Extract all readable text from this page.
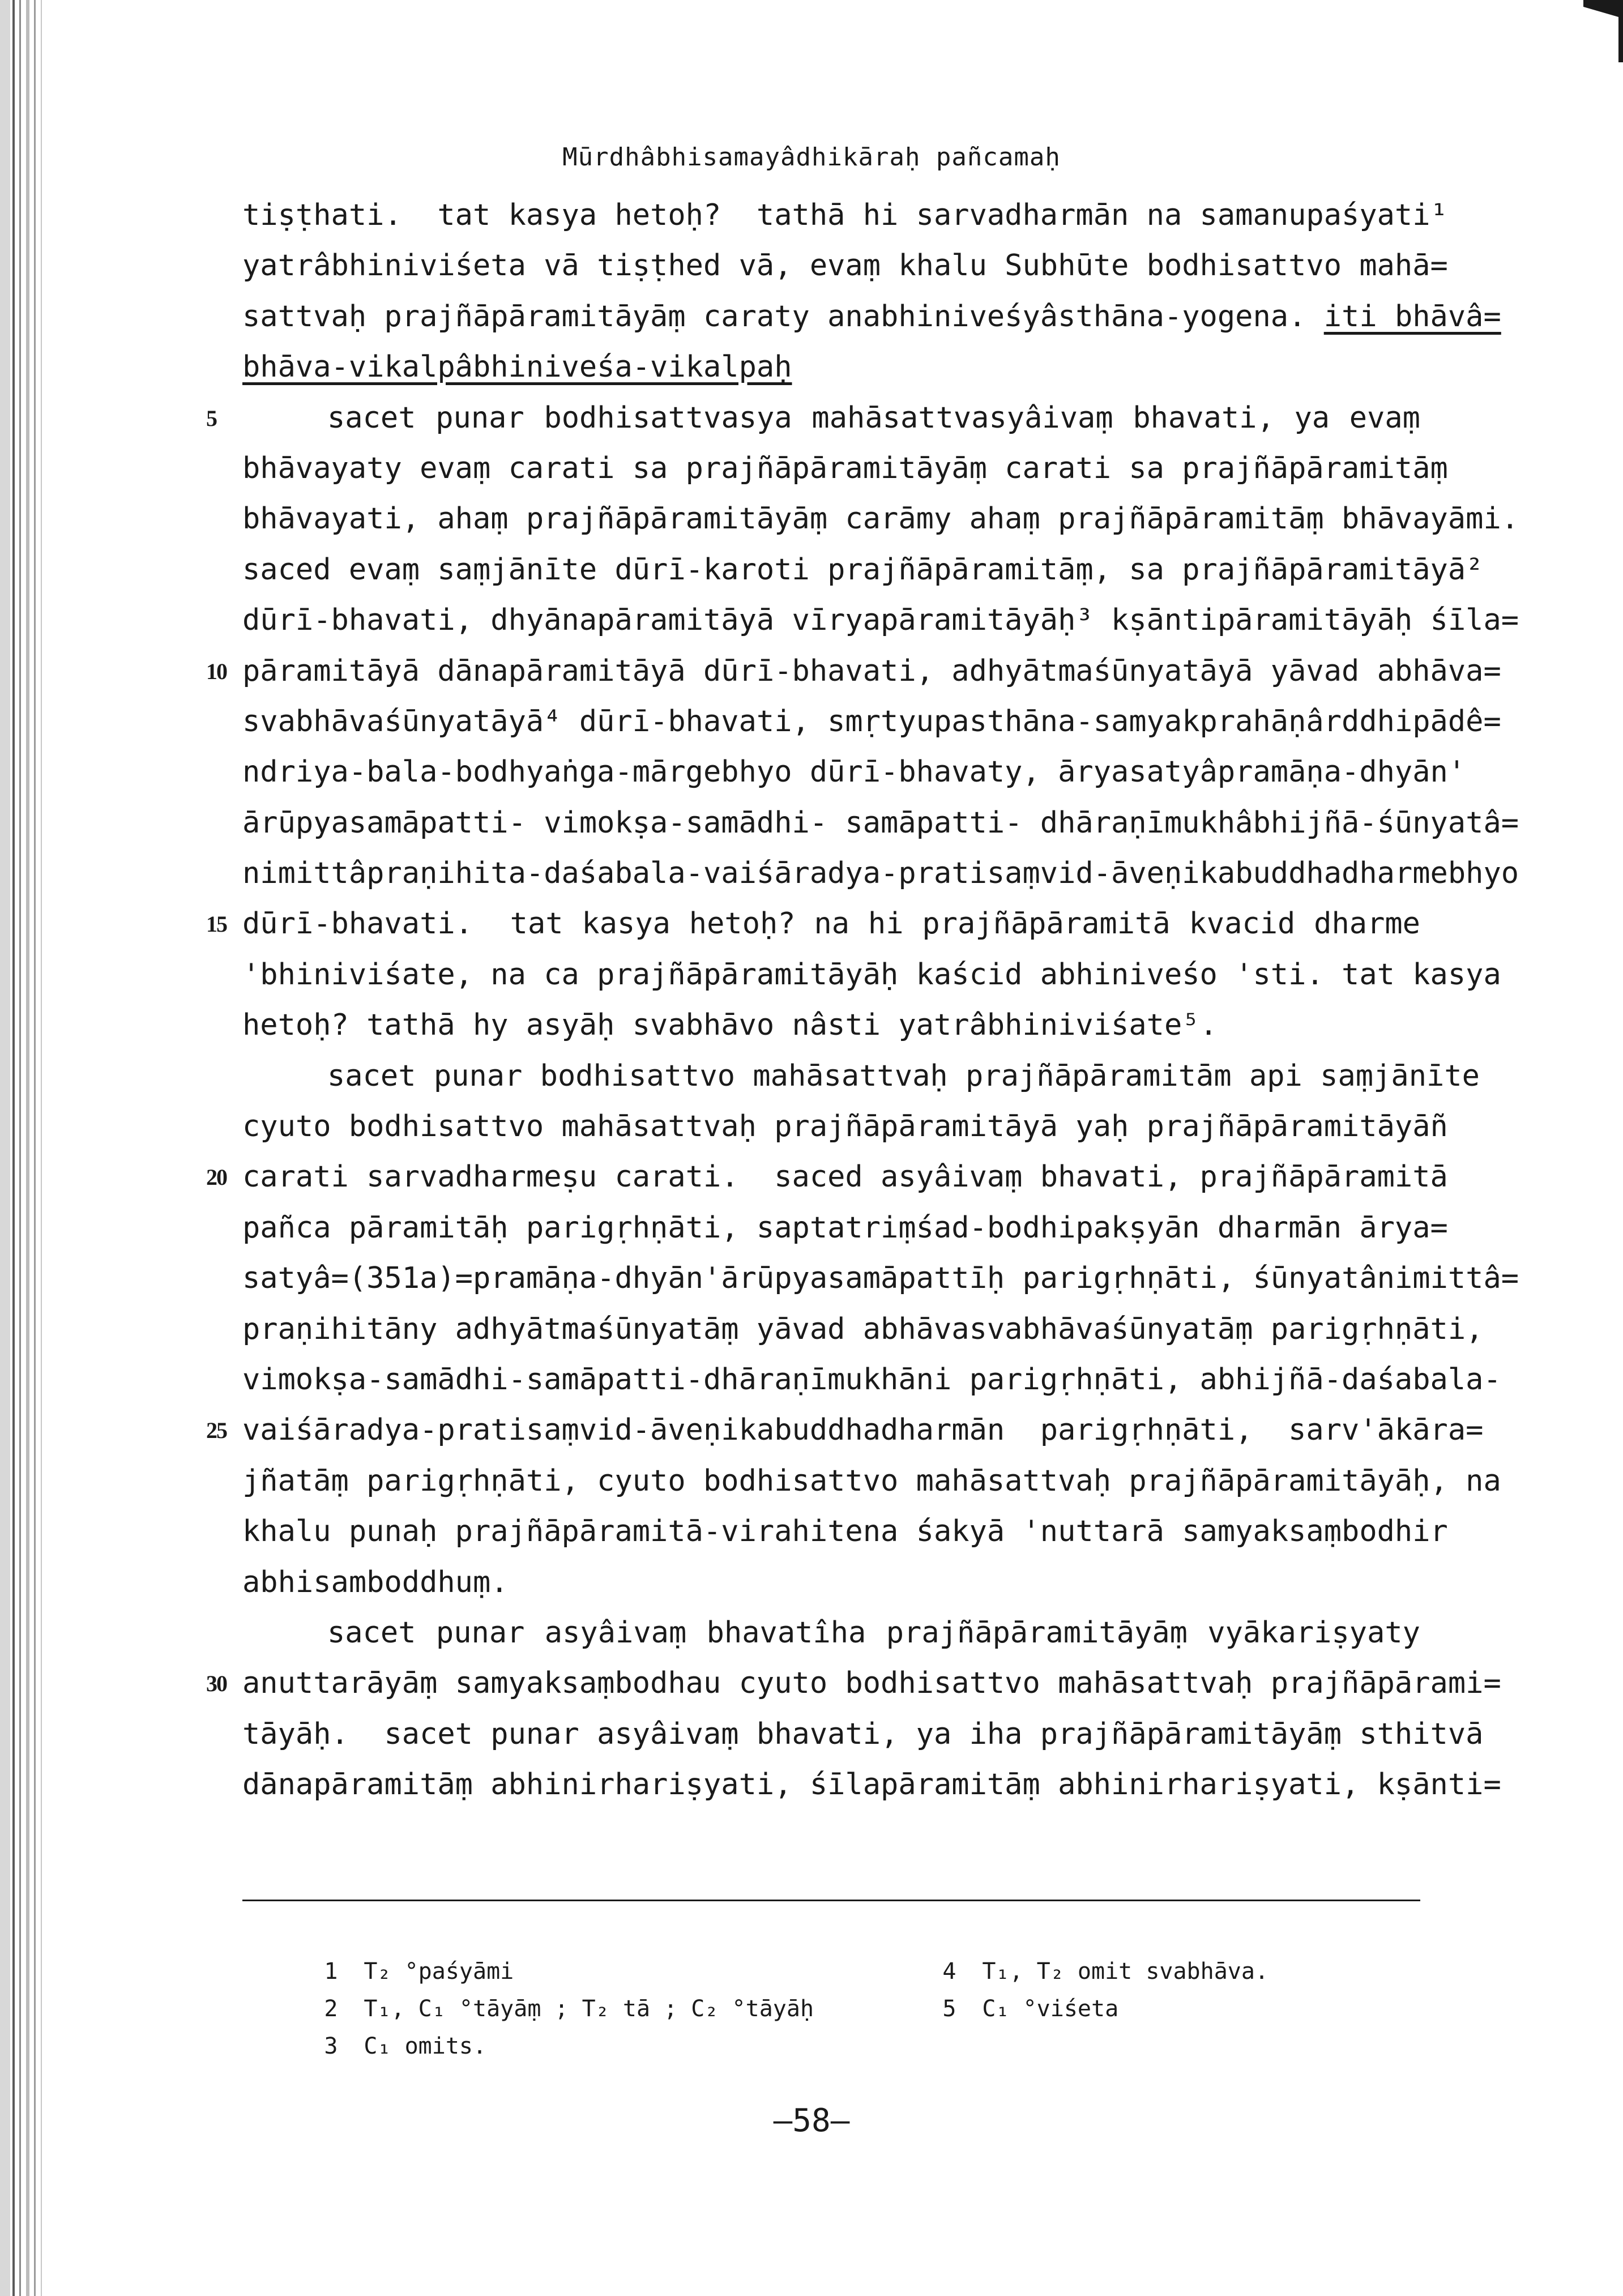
Mūrdhâbhisamayâdhikāraḥ pañcamaḥ
tiṣṭhati.  tat kasya hetoḥ?  tathā hi sarvadharmān na samanupaśyati¹
yatrâbhiniviśeta vā tiṣṭhed vā, evaṃ khalu Subhūte bodhisattvo mahā=
sattvaḥ prajñāpāramitāyāṃ caraty anabhiniveśyâsthāna-yogena. iti bhāvâ=
bhāva-vikalpâbhiniveśa-vikalpaḥ
5	sacet punar bodhisattvasya mahāsattvasyâivaṃ bhavati, ya evaṃ
bhāvayaty evaṃ carati sa prajñāpāramitāyāṃ carati sa prajñāpāramitāṃ
bhāvayati, ahaṃ prajñāpāramitāyāṃ carāmy ahaṃ prajñāpāramitāṃ bhāvayāmi.
saced evaṃ saṃjānīte dūrī-karoti prajñāpāramitāṃ, sa prajñāpāramitāyā²
dūrī-bhavati, dhyānapāramitāyā vīryapāramitāyāḥ³ kṣāntipāramitāyāḥ śīla=
10 pāramitāyā dānapāramitāyā dūrī-bhavati, adhyātmaśūnyatāyā yāvad abhāva=
svabhāvaśūnyatāyā⁴ dūrī-bhavati, smṛtyupasthāna-samyakprahāṇârddhipādê=
ndriya-bala-bodhyaṅga-mārgebhyo dūrī-bhavaty, āryasatyâpramāṇa-dhyān'
ārūpyasamāpatti- vimokṣa-samādhi- samāpatti- dhāraṇīmukhâbhijñā-śūnyatâ=
nimittâpraṇihita-daśabala-vaiśāradya-pratisaṃvid-āveṇikabuddhadharmebhyo
15 dūrī-bhavati.  tat kasya hetoḥ? na hi prajñāpāramitā kvacid dharme
'bhiniviśate, na ca prajñāpāramitāyāḥ kaścid abhiniveśo 'sti. tat kasya
hetoḥ? tathā hy asyāḥ svabhāvo nâsti yatrâbhiniviśate⁵.
sacet punar bodhisattvo mahāsattvaḥ prajñāpāramitām api saṃjānīte
cyuto bodhisattvo mahāsattvaḥ prajñāpāramitāyā yaḥ prajñāpāramitāyāñ
20 carati sarvadharmeṣu carati.  saced asyâivaṃ bhavati, prajñāpāramitā
pañca pāramitāḥ parigṛhṇāti, saptatriṃśad-bodhipakṣyān dharmān ārya=
satyâ=(351a)=pramāṇa-dhyān'ārūpyasamāpattīḥ parigṛhṇāti, śūnyatânimittâ=
praṇihitāny adhyātmaśūnyatāṃ yāvad abhāvasvabhāvaśūnyatāṃ parigṛhṇāti,
vimokṣa-samādhi-samāpatti-dhāraṇīmukhāni parigṛhṇāti, abhijñā-daśabala-
25 vaiśāradya-pratisaṃvid-āveṇikabuddhadharmān  parigṛhṇāti,  sarv'ākāra=
jñatāṃ parigṛhṇāti, cyuto bodhisattvo mahāsattvaḥ prajñāpāramitāyāḥ, na
khalu punaḥ prajñāpāramitā-virahitena śakyā 'nuttarā samyaksaṃbodhir
abhisamboddhuṃ.
sacet punar asyâivaṃ bhavatîha prajñāpāramitāyāṃ vyākariṣyaty
30 anuttarāyāṃ samyaksaṃbodhau cyuto bodhisattvo mahāsattvaḥ prajñāpārami=
tāyāḥ.  sacet punar asyâivaṃ bhavati, ya iha prajñāpāramitāyāṃ sthitvā
dānapāramitāṃ abhinirhariṣyati, śīlapāramitāṃ abhinirhariṣyati, kṣānti=

1 T₂ °paśyāmi

2 T₁, C₁ °tāyāṃ ; T₂ tā ; C₂ °tāyāḥ

3 C₁ omits.

4 T₁, T₂ omit svabhāva.

5 C₁ °viśeta

—58—
